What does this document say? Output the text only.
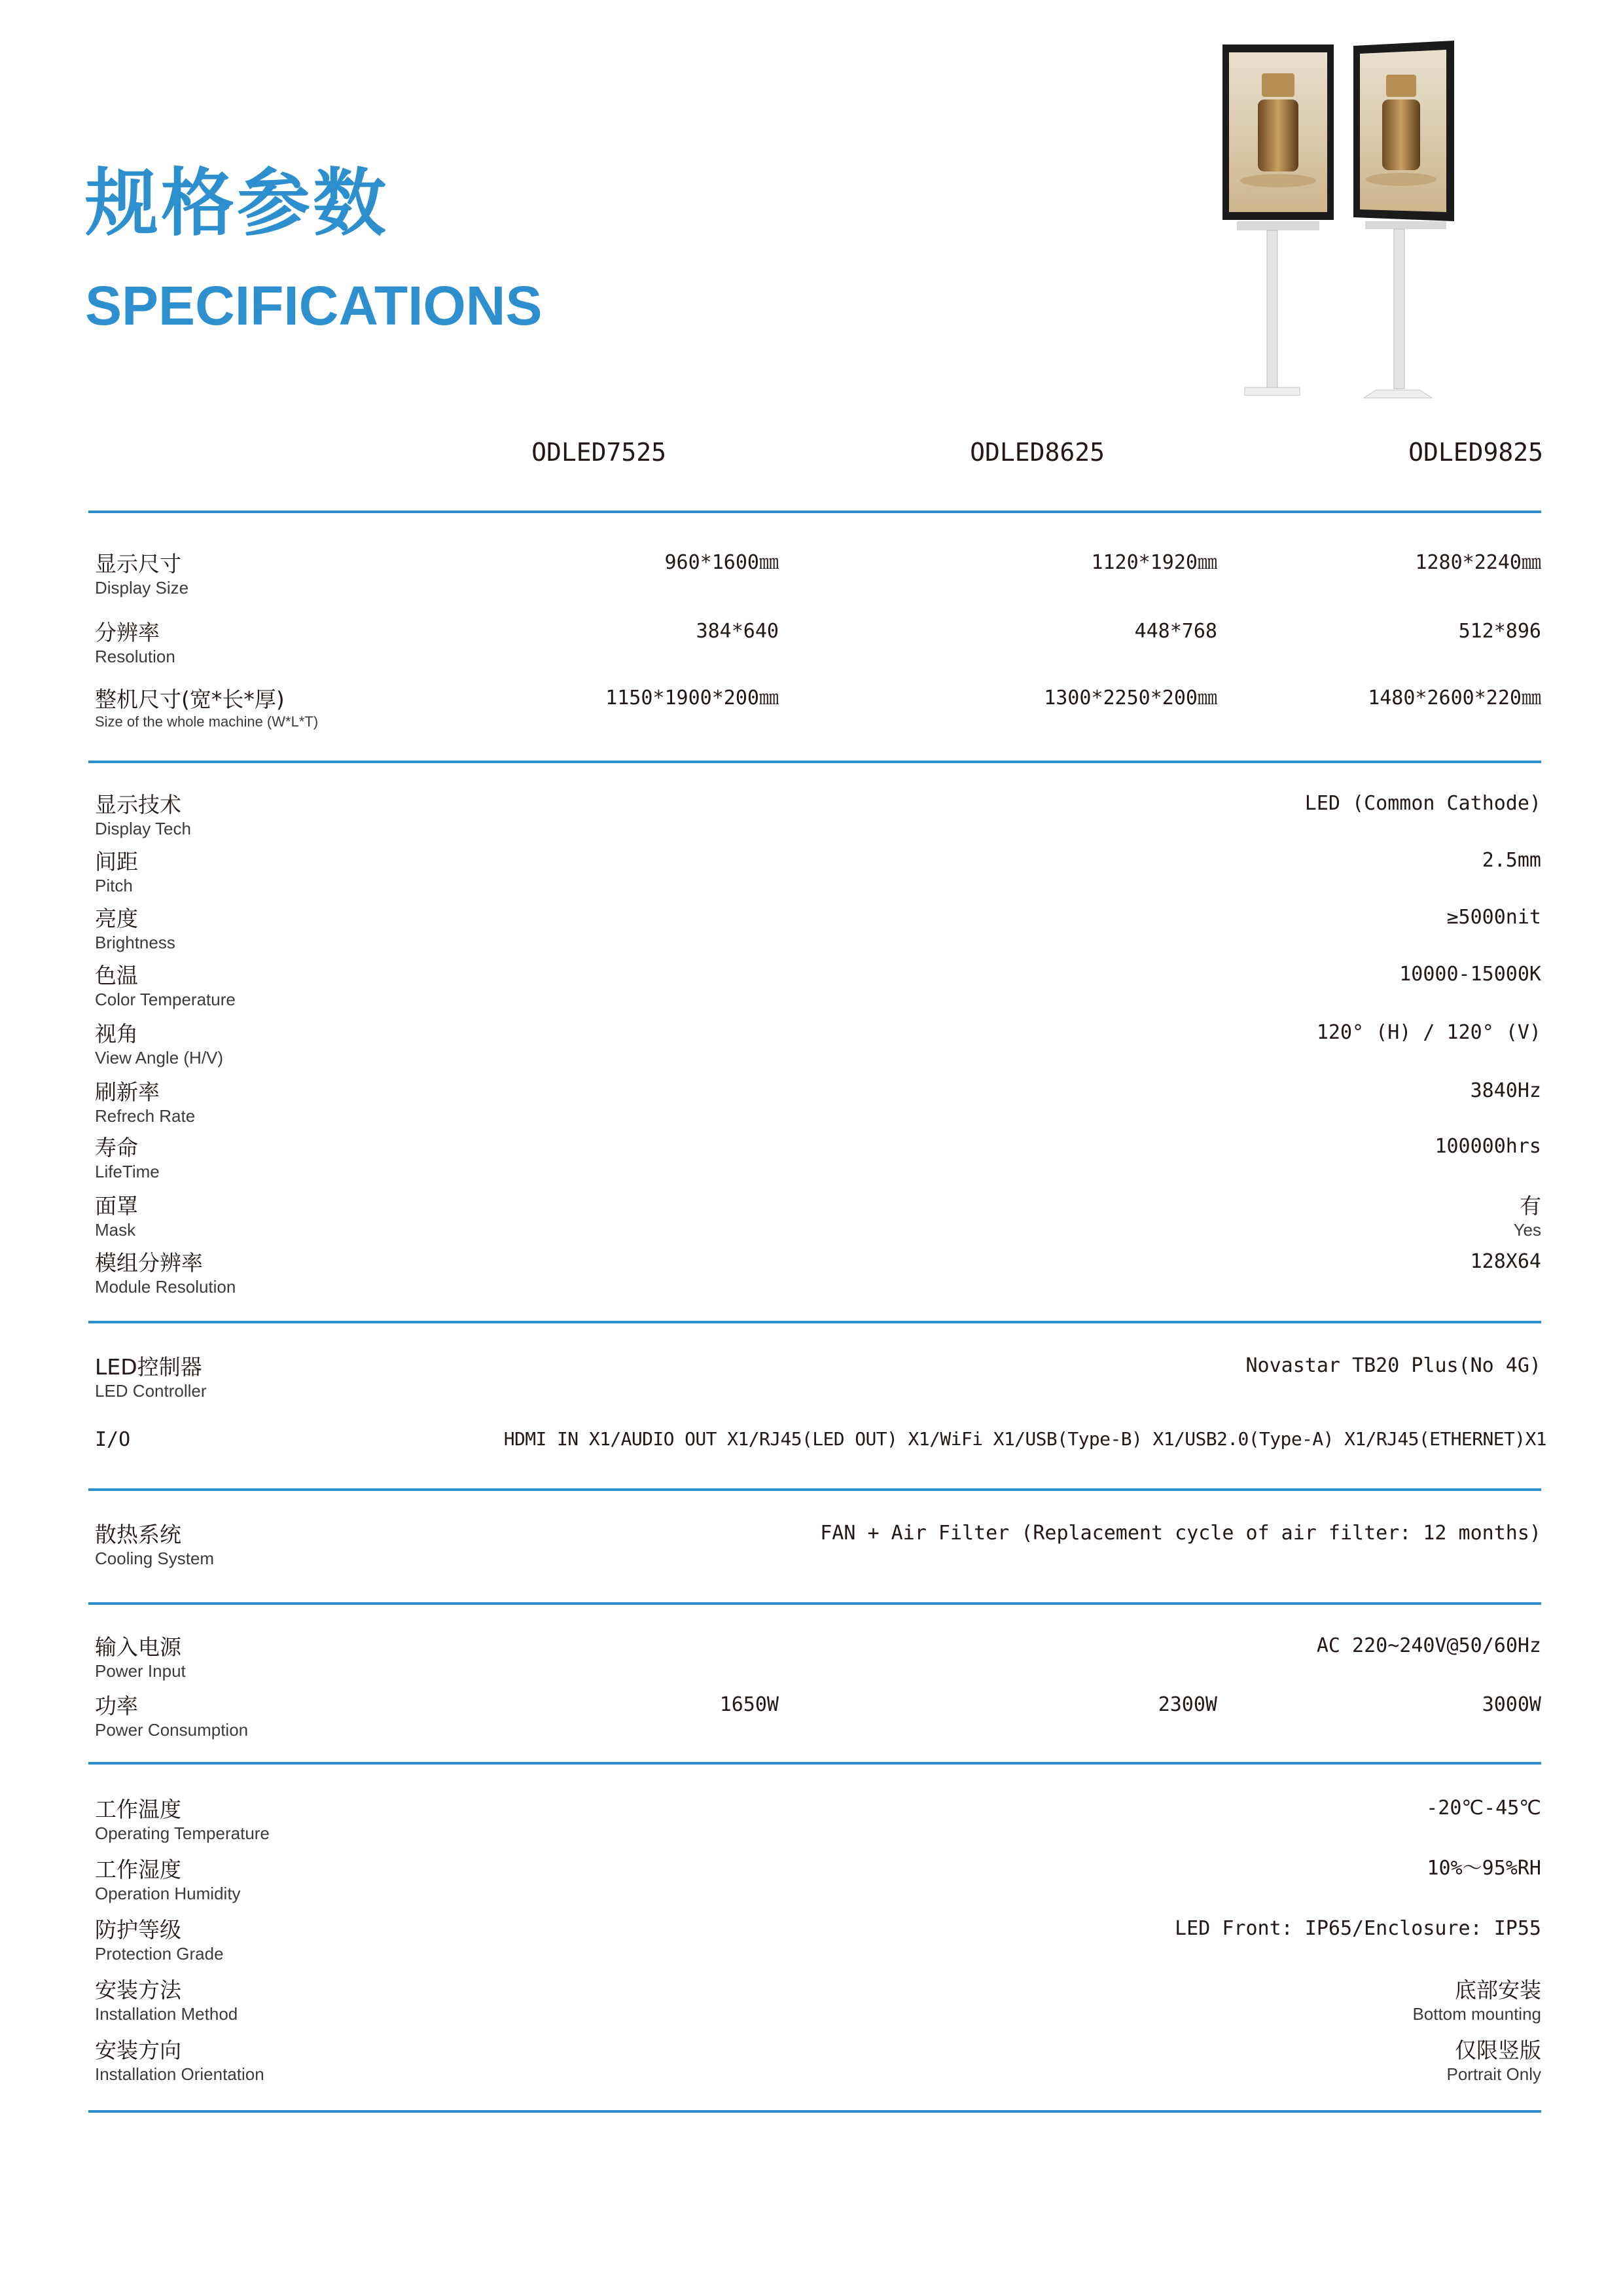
规格参数
SPECIFICATIONS
ODLED7525	ODLED8625	ODLED9825
显示尺寸
Display Size
960*1600㎜	1120*1920㎜	1280*2240㎜
分辨率
Resolution
384*640	448*768	512*896
整机尺寸(宽*长*厚)
Size of the whole machine (W*L*T)
1150*1900*200㎜	1300*2250*200㎜	1480*2600*220㎜
显示技术
Display Tech
LED (Common Cathode)
间距
Pitch
2.5mm
亮度
Brightness
≥5000nit
色温
Color Temperature
10000-15000K
视角
View Angle (H/V)
120° (H) / 120° (V)
刷新率
Refrech Rate
3840Hz
寿命
LifeTime
100000hrs
面罩
Mask
有
Yes
模组分辨率
Module Resolution
128X64
LED控制器
LED Controller
Novastar TB20 Plus(No 4G)
I/O	HDMI IN X1/AUDIO OUT X1/RJ45(LED OUT) X1/WiFi X1/USB(Type-B) X1/USB2.0(Type-A) X1/RJ45(ETHERNET)X1
散热系统
Cooling System
FAN + Air Filter (Replacement cycle of air filter: 12 months)
输入电源
Power Input
AC 220~240V@50/60Hz
功率
Power Consumption
1650W	2300W	3000W
工作温度
Operating Temperature
-20℃-45℃
工作湿度
Operation Humidity
10%～95%RH
防护等级
Protection Grade
LED Front: IP65/Enclosure: IP55
安装方法
Installation Method
底部安装
Bottom mounting
安装方向
Installation Orientation
仅限竖版
Portrait Only
